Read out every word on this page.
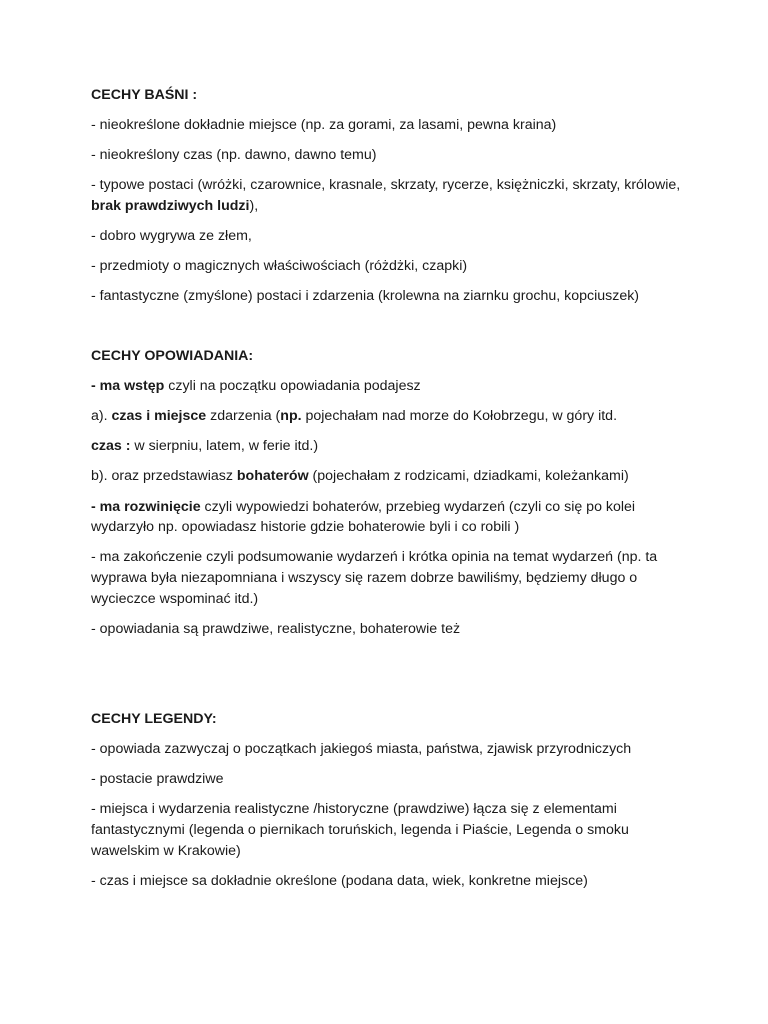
CECHY BAŚNI :
- nieokreślone dokładnie miejsce (np. za gorami, za lasami, pewna kraina)
- nieokreślony czas (np. dawno, dawno temu)
- typowe postaci (wróżki, czarownice, krasnale, skrzaty, rycerze, księżniczki, skrzaty, królowie,
brak prawdziwych ludzi),
- dobro wygrywa ze złem,
- przedmioty o magicznych właściwościach (różdżki, czapki)
- fantastyczne (zmyślone) postaci i zdarzenia (krolewna na ziarnku grochu, kopciuszek)
CECHY OPOWIADANIA:
- ma wstęp czyli na początku opowiadania podajesz
a). czas i miejsce zdarzenia (np. pojechałam nad morze do Kołobrzegu, w góry itd.
czas : w sierpniu, latem, w ferie itd.)
b). oraz przedstawiasz bohaterów (pojechałam z rodzicami, dziadkami, koleżankami)
- ma rozwinięcie czyli wypowiedzi bohaterów, przebieg wydarzeń (czyli co się po kolei
wydarzyło np. opowiadasz historie gdzie bohaterowie byli i co robili )
- ma zakończenie czyli podsumowanie wydarzeń i krótka opinia na temat wydarzeń (np. ta
wyprawa była niezapomniana i wszyscy się razem dobrze bawiliśmy, będziemy długo o
wycieczce wspominać itd.)
- opowiadania są prawdziwe, realistyczne, bohaterowie też
CECHY LEGENDY:
- opowiada zazwyczaj o początkach jakiegoś miasta, państwa, zjawisk przyrodniczych
- postacie prawdziwe
- miejsca i wydarzenia realistyczne /historyczne (prawdziwe) łącza się z elementami
fantastycznymi (legenda o piernikach toruńskich, legenda i Piaście, Legenda o smoku
wawelskim w Krakowie)
- czas i miejsce sa dokładnie określone (podana data, wiek, konkretne miejsce)
